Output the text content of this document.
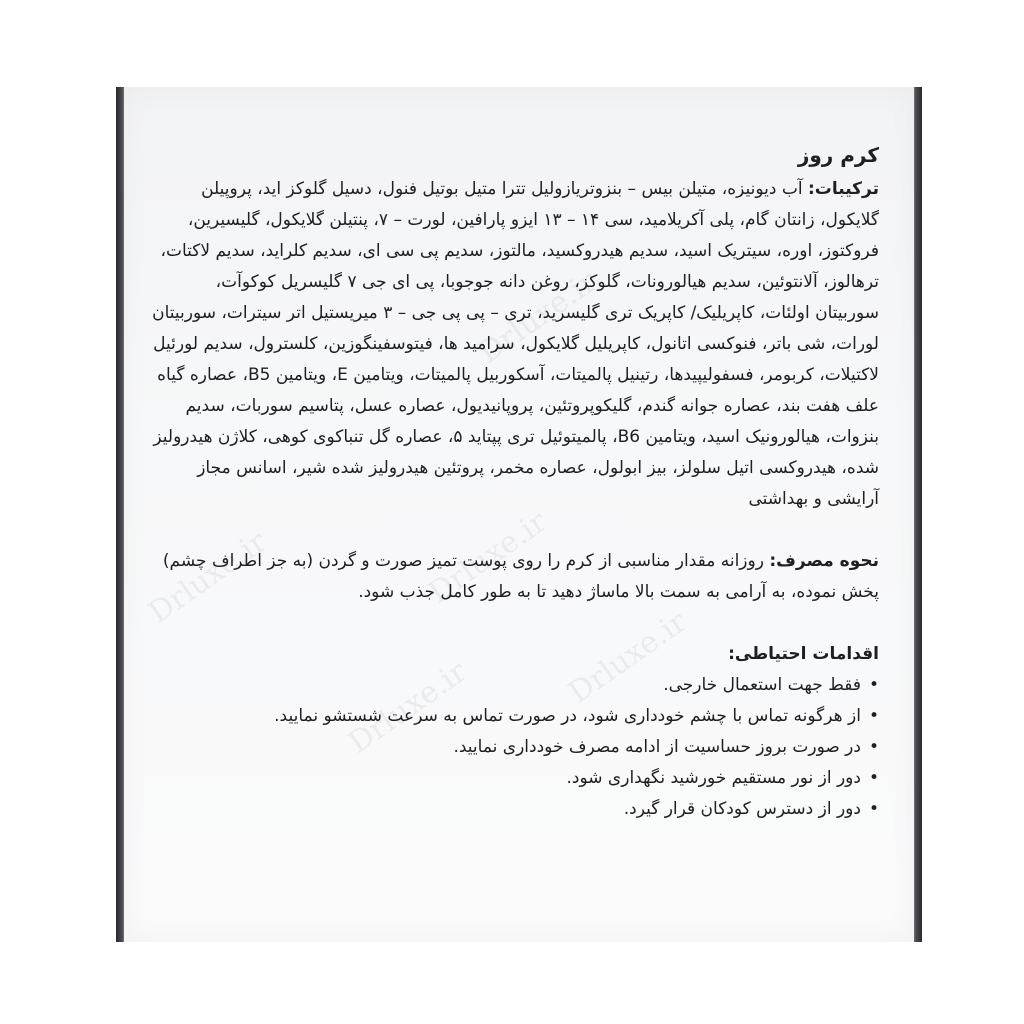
کرم روز

ترکیبات: آب دیونیزه، متیلن بیس – بنزوتریازولیل تترا متیل بوتیل فنول، دسیل گلوکز اید، پروپیلن گلایکول، زانتان گام، پلی آکریلامید، سی ۱۴ – ۱۳ ایزو پارافین، لورت – ۷، پنتیلن گلایکول، گلیسیرین، فروکتوز، اوره، سیتریک اسید، سدیم هیدروکسید، مالتوز، سدیم پی سی ای، سدیم کلراید، سدیم لاکتات، ترهالوز، آلانتوئین، سدیم هیالورونات، گلوکز، روغن دانه جوجوبا، پی ای جی ۷ گلیسریل کوکوآت، سوربیتان اولئات، کاپریلیک/ کاپریک تری گلیسرید، تری – پی پی جی – ۳ میریستیل اتر سیترات، سوربیتان لورات، شی باتر، فنوکسی اتانول، کاپریلیل گلایکول، سرامید ها، فیتوسفینگوزین، کلسترول، سدیم لورئیل لاکتیلات، کربومر، فسفولیپیدها، رتینیل پالمیتات، آسکوربیل پالمیتات، ویتامین E، ویتامین B5، عصاره گیاه علف هفت بند، عصاره جوانه گندم، گلیکوپروتئین، پروپانیدیول، عصاره عسل، پتاسیم سوربات، سدیم بنزوات، هیالورونیک اسید، ویتامین B6، پالمیتوئیل تری پپتاید ۵، عصاره گل تنباکوی کوهی، کلاژن هیدرولیز شده، هیدروکسی اتیل سلولز، بیز ابولول، عصاره مخمر، پروتئین هیدرولیز شده شیر، اسانس مجاز آرایشی و بهداشتی

نحوه مصرف: روزانه مقدار مناسبی از کرم را روی پوست تمیز صورت و گردن (به جز اطراف چشم) پخش نموده، به آرامی به سمت بالا ماساژ دهید تا به طور کامل جذب شود.

اقدامات احتیاطی:

•فقط جهت استعمال خارجی.
•از هرگونه تماس با چشم خودداری شود، در صورت تماس به سرعت شستشو نمایید.
•در صورت بروز حساسیت از ادامه مصرف خودداری نمایید.
•دور از نور مستقیم خورشید نگهداری شود.
•دور از دسترس کودکان قرار گیرد.
